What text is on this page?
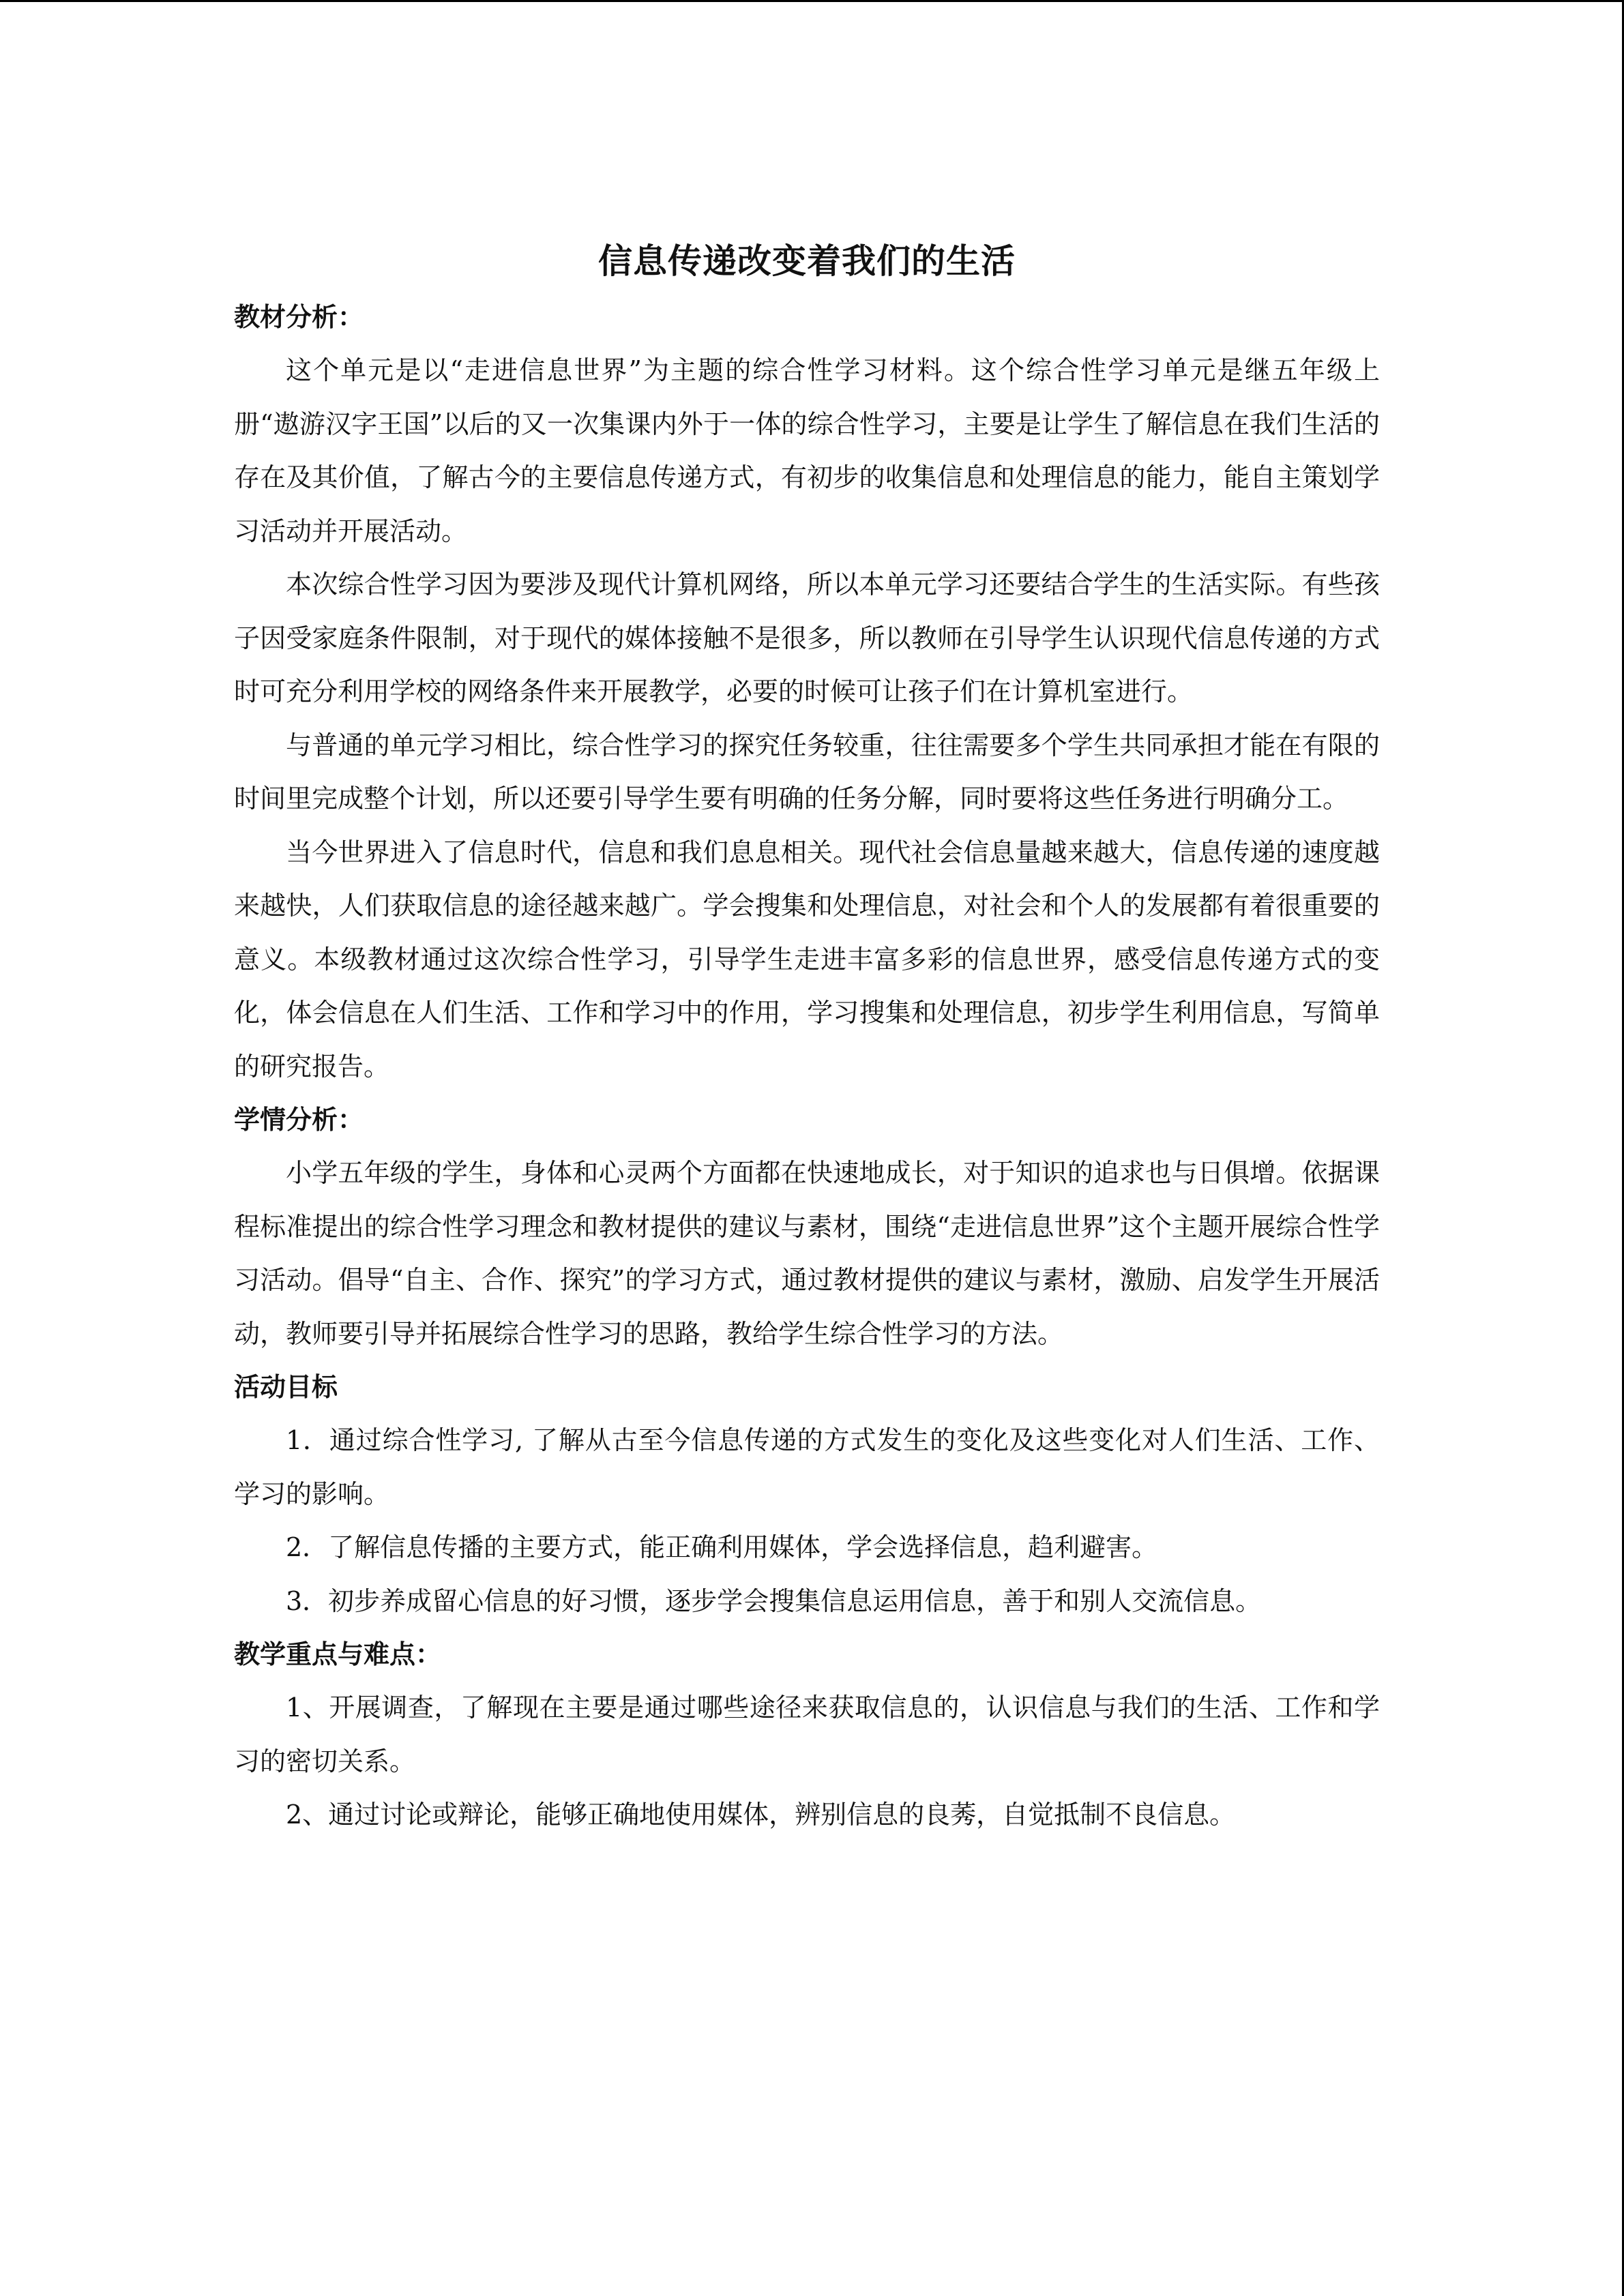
信息传递改变着我们的生活
教材分析：

这个单元是以“走进信息世界”为主题的综合性学习材料。这个综合性学习单元是继五年级上册“遨游汉字王国”以后的又一次集课内外于一体的综合性学习，主要是让学生了解信息在我们生活的存在及其价值，了解古今的主要信息传递方式，有初步的收集信息和处理信息的能力，能自主策划学习活动并开展活动。

本次综合性学习因为要涉及现代计算机网络，所以本单元学习还要结合学生的生活实际。有些孩子因受家庭条件限制，对于现代的媒体接触不是很多，所以教师在引导学生认识现代信息传递的方式时可充分利用学校的网络条件来开展教学，必要的时候可让孩子们在计算机室进行。

与普通的单元学习相比，综合性学习的探究任务较重，往往需要多个学生共同承担才能在有限的时间里完成整个计划，所以还要引导学生要有明确的任务分解，同时要将这些任务进行明确分工。

当今世界进入了信息时代，信息和我们息息相关。现代社会信息量越来越大，信息传递的速度越来越快，人们获取信息的途径越来越广。学会搜集和处理信息，对社会和个人的发展都有着很重要的意义。本级教材通过这次综合性学习，引导学生走进丰富多彩的信息世界，感受信息传递方式的变化，体会信息在人们生活、工作和学习中的作用，学习搜集和处理信息，初步学生利用信息，写简单的研究报告。

学情分析：

小学五年级的学生，身体和心灵两个方面都在快速地成长，对于知识的追求也与日俱增。依据课程标准提出的综合性学习理念和教材提供的建议与素材，围绕“走进信息世界”这个主题开展综合性学习活动。倡导“自主、合作、探究”的学习方式，通过教材提供的建议与素材，激励、启发学生开展活动，教师要引导并拓展综合性学习的思路，教给学生综合性学习的方法。

活动目标

1．通过综合性学习, 了解从古至今信息传递的方式发生的变化及这些变化对人们生活、工作、学习的影响。

2．了解信息传播的主要方式，能正确利用媒体，学会选择信息，趋利避害。

3．初步养成留心信息的好习惯，逐步学会搜集信息运用信息，善于和别人交流信息。

教学重点与难点：

1、开展调查，了解现在主要是通过哪些途径来获取信息的，认识信息与我们的生活、工作和学习的密切关系。

2、通过讨论或辩论，能够正确地使用媒体，辨别信息的良莠，自觉抵制不良信息。
